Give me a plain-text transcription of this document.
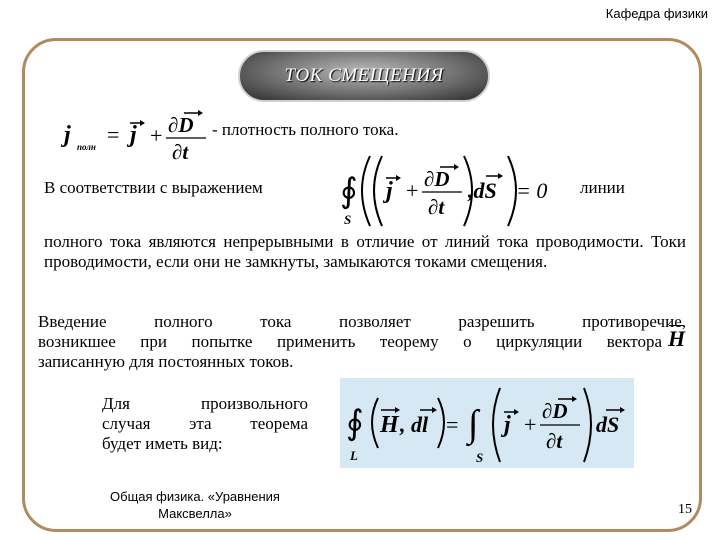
Кафедра физики
ТОК СМЕЩЕНИЯ
j полн = j + ∂D
∂t
- плотность полного тока.
В соответствии с выражением ∮
S
j + ∂D
∂t
,dS = 0 линии
полного тока являются непрерывными в отличие от линий тока проводимости. Токи проводимости, если они не замкнуты, замыкаются токами смещения.
Введение полного тока позволяет разрешить противоречие,
возникшее при попытке применить теорему о циркуляции вектора H
записанную для постоянных токов.
Для произвольного
случая эта теорема
будет иметь вид:
∮
L
H , dl = ∫
S
j +
∂D
∂t
dS
Общая физика. «Уравнения
Максвелла»	15
